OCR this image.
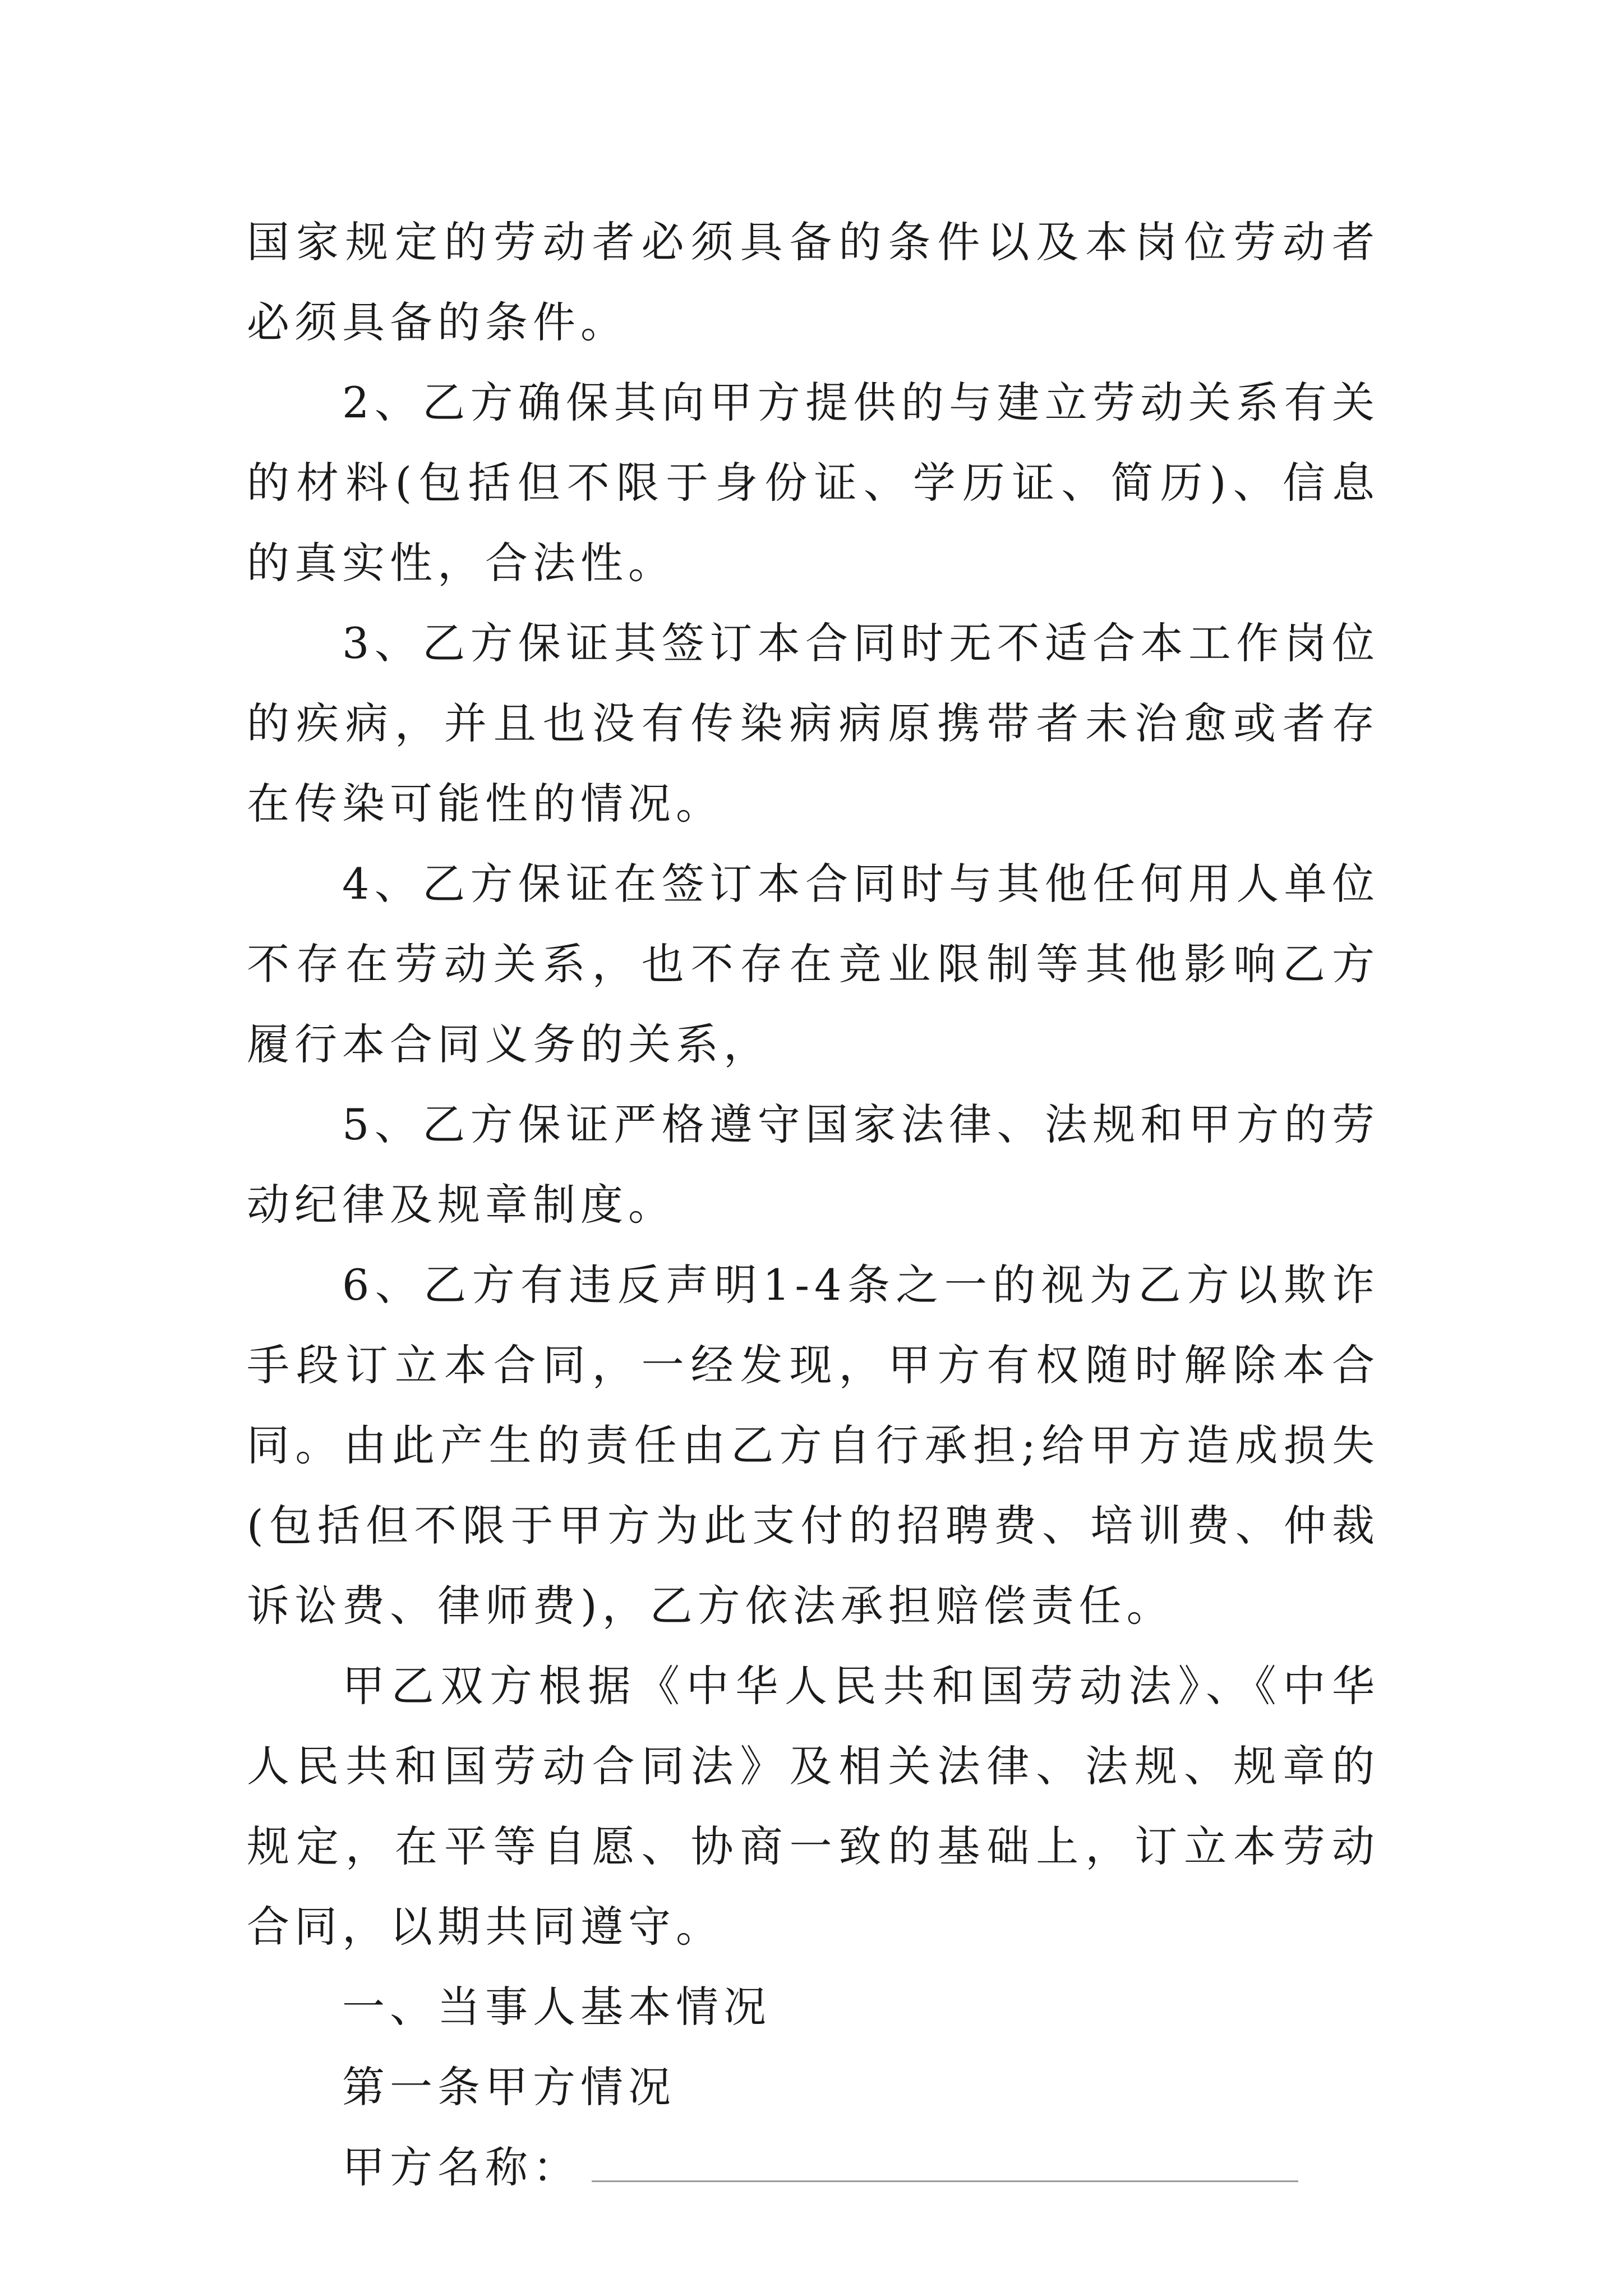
国家规定的劳动者必须具备的条件以及本岗位劳动者必须具备的条件。

2、乙方确保其向甲方提供的与建立劳动关系有关的材料(包括但不限于身份证、学历证、简历)、信息的真实性，合法性。

3、乙方保证其签订本合同时无不适合本工作岗位的疾病，并且也没有传染病病原携带者未治愈或者存在传染可能性的情况。

4、乙方保证在签订本合同时与其他任何用人单位不存在劳动关系，也不存在竞业限制等其他影响乙方履行本合同义务的关系，

5、乙方保证严格遵守国家法律、法规和甲方的劳动纪律及规章制度。

6、乙方有违反声明1-4条之一的视为乙方以欺诈手段订立本合同，一经发现，甲方有权随时解除本合同。由此产生的责任由乙方自行承担;给甲方造成损失(包括但不限于甲方为此支付的招聘费、培训费、仲裁诉讼费、律师费)，乙方依法承担赔偿责任。

甲乙双方根据《中华人民共和国劳动法》、《中华人民共和国劳动合同法》及相关法律、法规、规章的规定，在平等自愿、协商一致的基础上，订立本劳动合同，以期共同遵守。

一、当事人基本情况

第一条甲方情况

甲方名称：
